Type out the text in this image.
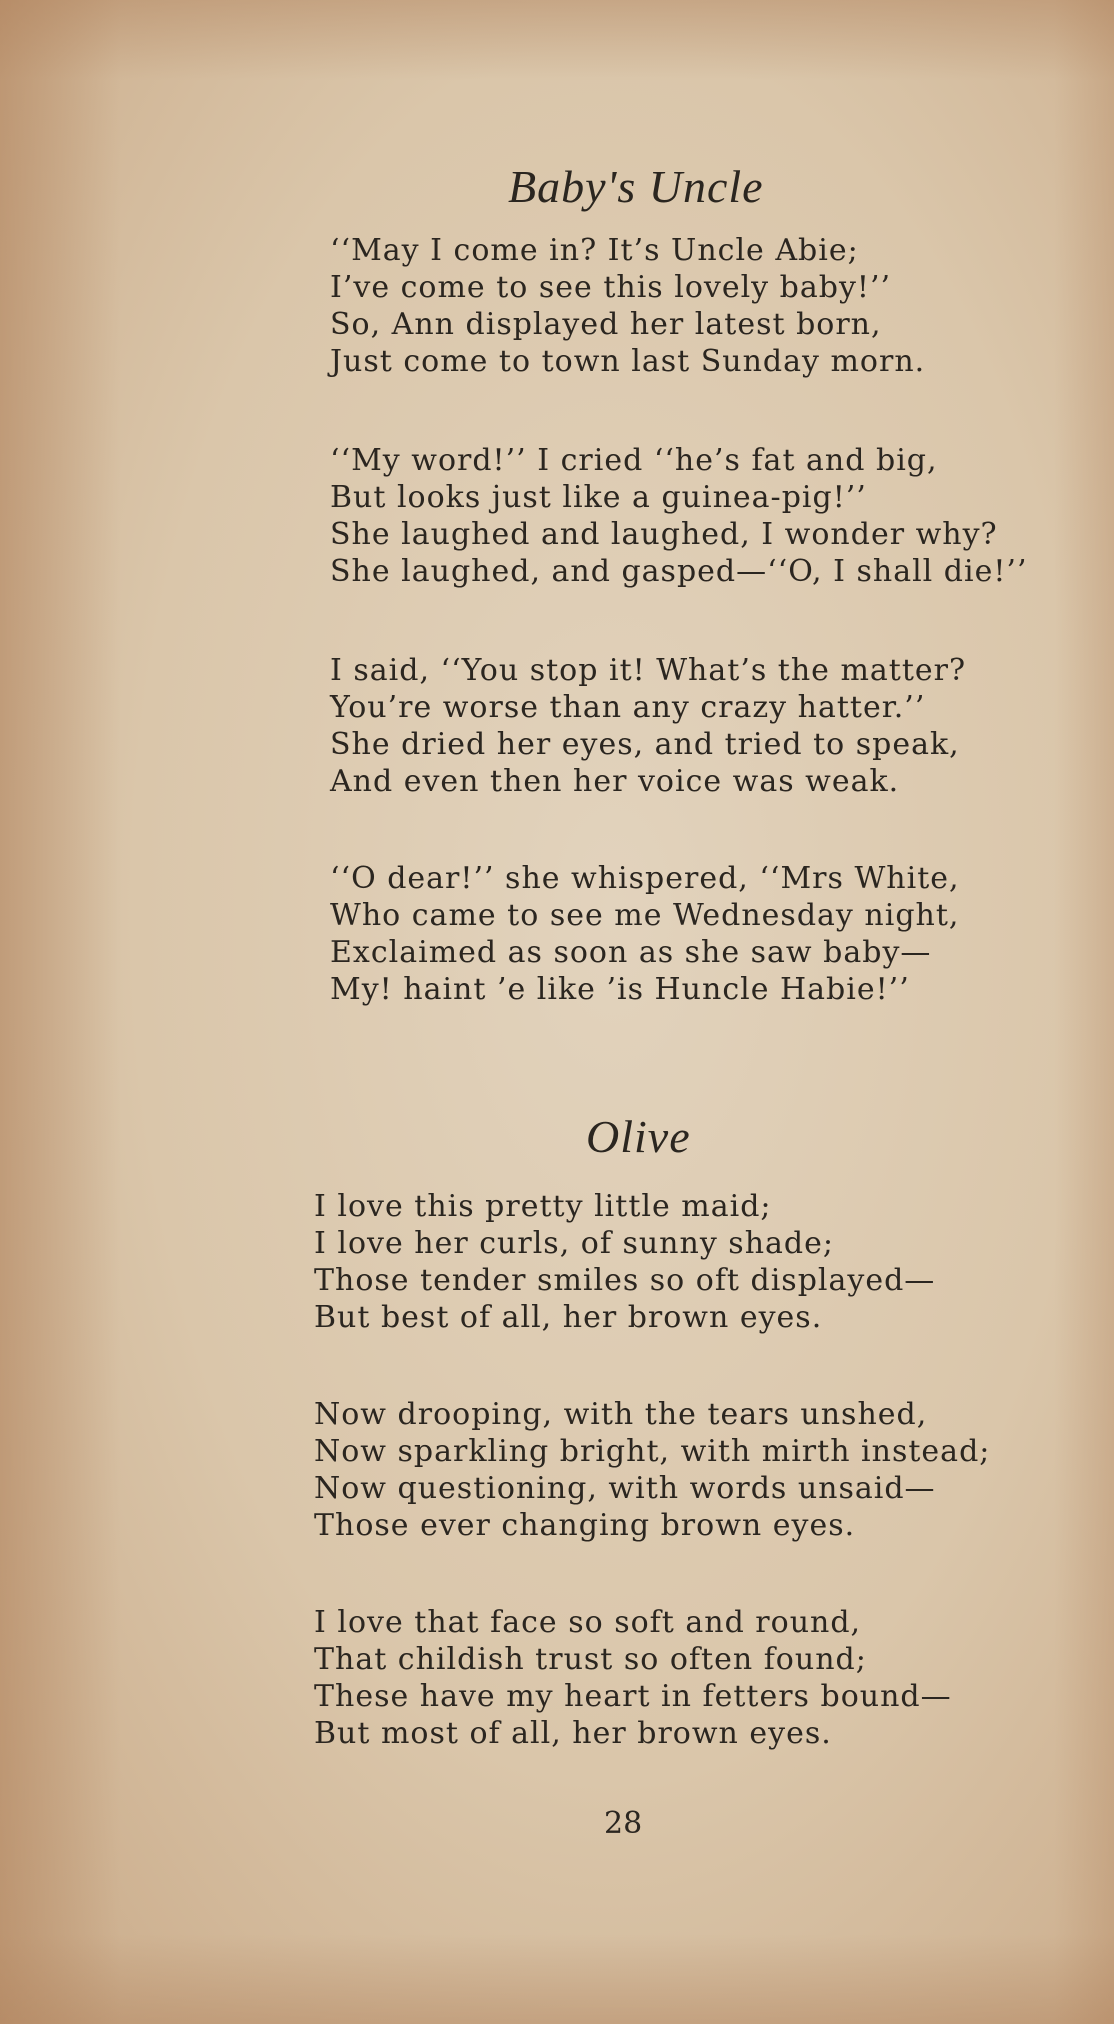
Baby's Uncle
‘‘May I come in? It’s Uncle Abie;
I’ve come to see this lovely baby!’’
So, Ann displayed her latest born,
Just come to town last Sunday morn.
‘‘My word!’’ I cried ‘‘he’s fat and big,
But looks just like a guinea-pig!’’
She laughed and laughed, I wonder why?
She laughed, and gasped—‘‘O, I shall die!’’
I said, ‘‘You stop it! What’s the matter?
You’re worse than any crazy hatter.’’
She dried her eyes, and tried to speak,
And even then her voice was weak.
‘‘O dear!’’ she whispered, ‘‘Mrs White,
Who came to see me Wednesday night,
Exclaimed as soon as she saw baby—
My! haint ’e like ’is Huncle Habie!’’
Olive
I love this pretty little maid;
I love her curls, of sunny shade;
Those tender smiles so oft displayed—
But best of all, her brown eyes.
Now drooping, with the tears unshed,
Now sparkling bright, with mirth instead;
Now questioning, with words unsaid—
Those ever changing brown eyes.
I love that face so soft and round,
That childish trust so often found;
These have my heart in fetters bound—
But most of all, her brown eyes.
28
